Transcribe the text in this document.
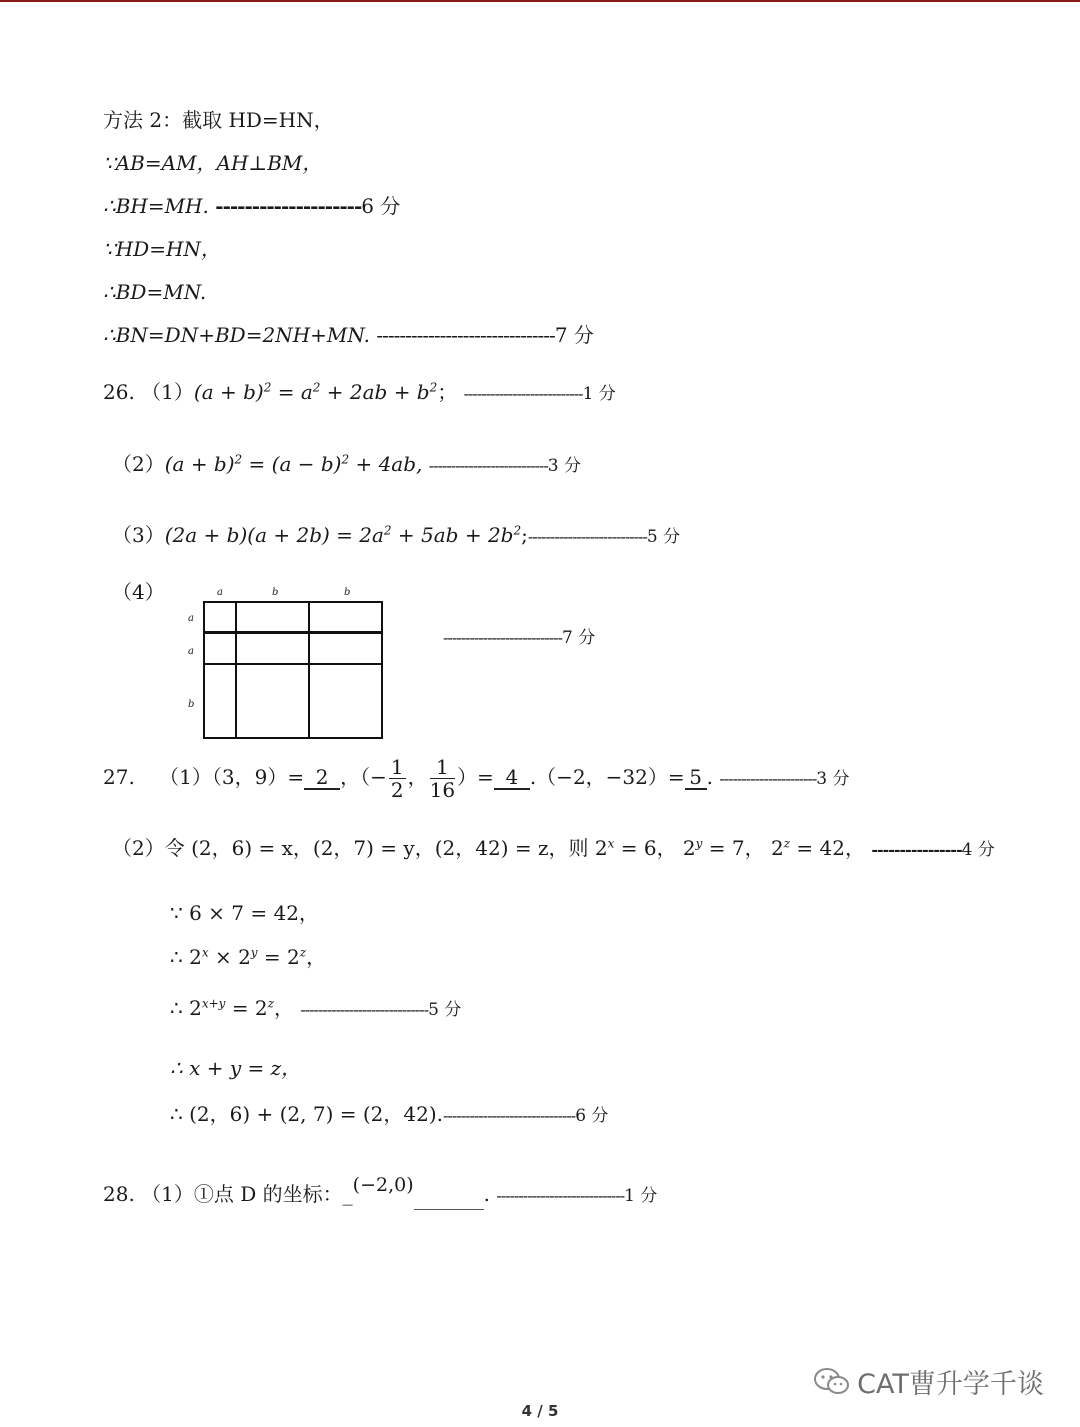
方法 2：截取 HD=HN，
∵AB=AM，AH⊥BM，
∴BH=MH. --------------------6 分
∵HD=HN，
∴BD=MN.
∴BN=DN+BD=2NH+MN. -------------------------------7 分
26. $(1)(a + b)^2 = a^2 + 2ab + b^2$； ---------------------------1 分
$(2)(a + b)^2 = (a - b)^2 + 4ab$, ---------------------------3 分
$(3)(2a + b)(a + 2b) = 2a^2 + 5ab$ + $2b^2;---------------------------5$ 分
（4）	a	b	b
a
a
b
---------------------------7 分
27. （1）（3，9）= 2 ，（− $\frac{1}{2}$ ， $\frac{1}{16}$ ）= 4 .（−2，−32）= 5 . ----------------------3 分
（2）令 (2，6) = x，(2，7) = y，(2，42) = z，则 $2^x = 6$， $2^y = 7$， $2^z = 42$， ----------------4 分
∵ 6 × 7 = 42，
∴ $2^x \times 2^y = 2^z$，
∴ $2^{x+y} = 2^z$， -----------------------------5 分
∴ x + y = z，
∴ (2，6) + (2, 7) = (2，42).------------------------------6 分
28. （1）①点 D 的坐标：_(−2,0)	. -----------------------------1 分
CAT曹升学千谈
4 / 5
